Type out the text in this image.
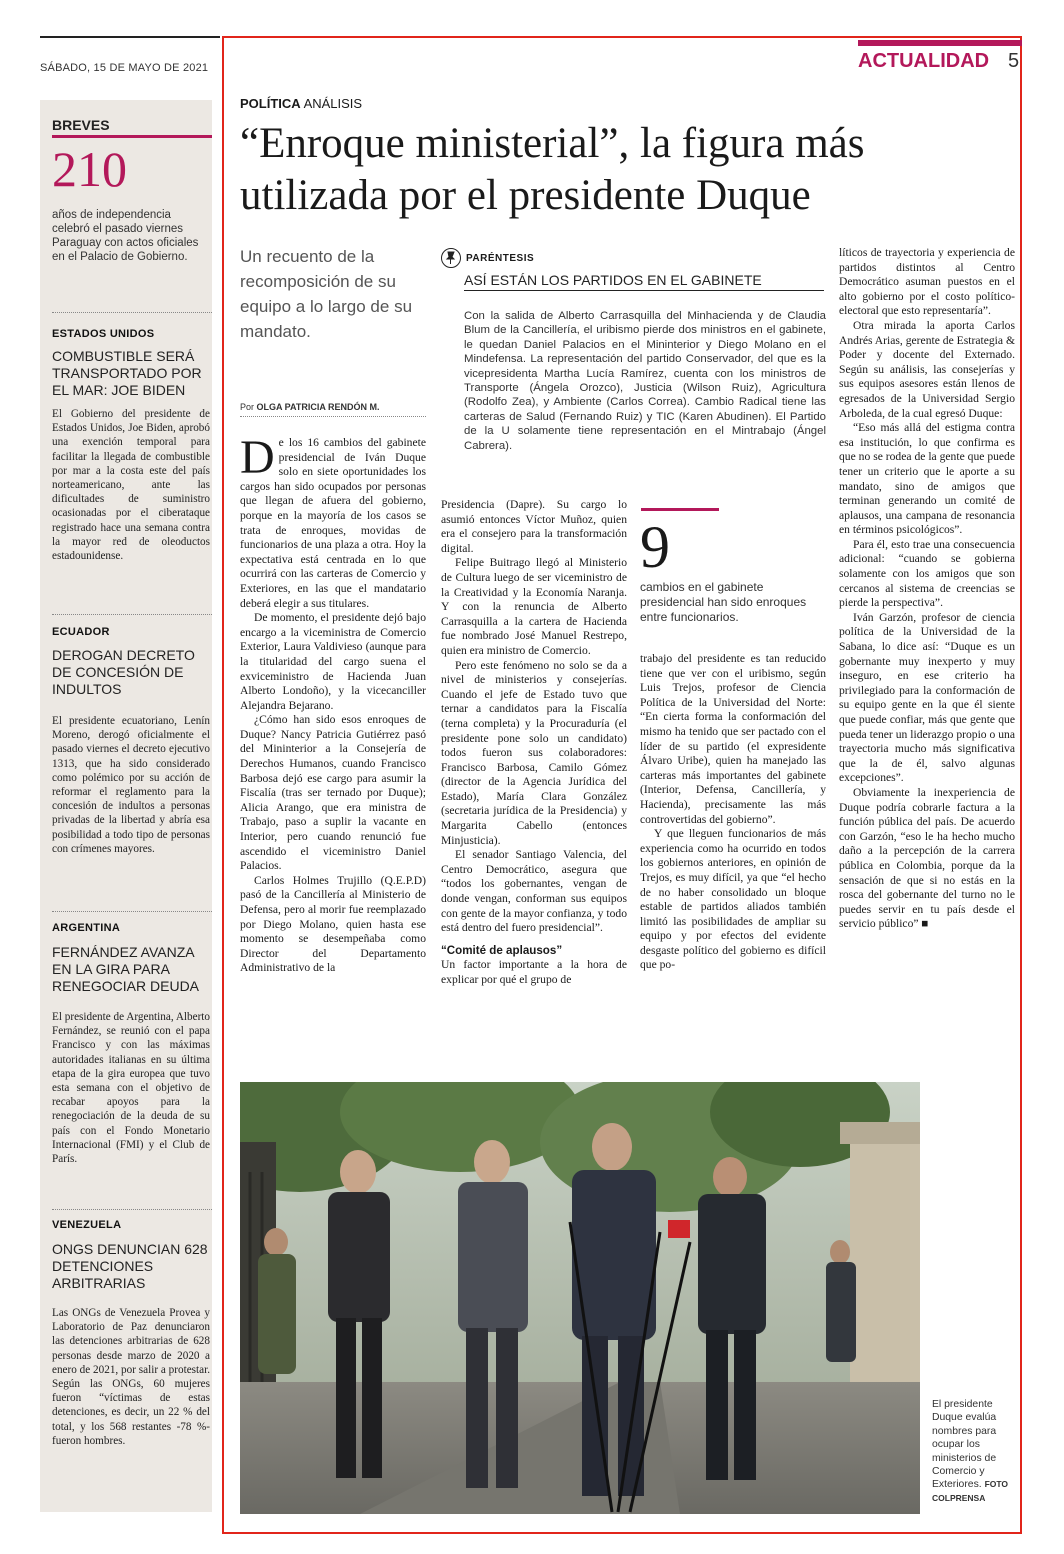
SÁBADO, 15 DE MAYO DE 2021	ACTUALIDAD 5
BREVES
210
años de independencia celebró el pasado viernes Paraguay con actos oficiales en el Palacio de Gobierno.
ESTADOS UNIDOS
COMBUSTIBLE SERÁ TRANSPORTADO POR EL MAR: JOE BIDEN
El Gobierno del presidente de Estados Unidos, Joe Biden, aprobó una exención temporal para facilitar la llegada de combustible por mar a la costa este del país norteamericano, ante las dificultades de suministro ocasionadas por el ciberataque registrado hace una semana contra la mayor red de oleoductos estadounidense.
ECUADOR
DEROGAN DECRETO DE CONCESIÓN DE INDULTOS
El presidente ecuatoriano, Lenín Moreno, derogó oficialmente el pasado viernes el decreto ejecutivo 1313, que ha sido considerado como polémico por su acción de reformar el reglamento para la concesión de indultos a personas privadas de la libertad y abría esa posibilidad a todo tipo de personas con crímenes mayores.
ARGENTINA
FERNÁNDEZ AVANZA EN LA GIRA PARA RENEGOCIAR DEUDA
El presidente de Argentina, Alberto Fernández, se reunió con el papa Francisco y con las máximas autoridades italianas en su última etapa de la gira europea que tuvo esta semana con el objetivo de recabar apoyos para la renegociación de la deuda de su país con el Fondo Monetario Internacional (FMI) y el Club de París.
VENEZUELA
ONGS DENUNCIAN 628 DETENCIONES ARBITRARIAS
Las ONGs de Venezuela Provea y Laboratorio de Paz denunciaron las detenciones arbitrarias de 628 personas desde marzo de 2020 a enero de 2021, por salir a protestar. Según las ONGs, 60 mujeres fueron “víctimas de estas detenciones, es decir, un 22 % del total, y los 568 restantes -78 %- fueron hombres.
POLÍTICA ANÁLISIS
“Enroque ministerial”, la figura más utilizada por el presidente Duque
Un recuento de la recomposición de su equipo a lo largo de su mandato.
Por OLGA PATRICIA RENDÓN M.
PARÉNTESIS
ASÍ ESTÁN LOS PARTIDOS EN EL GABINETE
Con la salida de Alberto Carrasquilla del Minhacienda y de Claudia Blum de la Cancillería, el uribismo pierde dos ministros en el gabinete, le quedan Daniel Palacios en el Mininterior y Diego Molano en el Mindefensa. La representación del partido Conservador, del que es la vicepresidenta Martha Lucía Ramírez, cuenta con los ministros de Transporte (Ángela Orozco), Justicia (Wilson Ruiz), Agricultura (Rodolfo Zea), y Ambiente (Carlos Correa). Cambio Radical tiene las carteras de Salud (Fernando Ruiz) y TIC (Karen Abudinen). El Partido de la U solamente tiene representación en el Mintrabajo (Ángel Cabrera).

De los 16 cambios del gabinete presidencial de Iván Duque solo en siete oportunidades los cargos han sido ocupados por personas que llegan de afuera del gobierno, porque en la mayoría de los casos se trata de enroques, movidas de funcionarios de una plaza a otra. Hoy la expectativa está centrada en lo que ocurrirá con las carteras de Comercio y Exteriores, en las que el mandatario deberá elegir a sus titulares.

De momento, el presidente dejó bajo encargo a la viceministra de Comercio Exterior, Laura Valdivieso (aunque para la titularidad del cargo suena el exviceministro de Hacienda Juan Alberto Londoño), y la vicecanciller Alejandra Bejarano.

¿Cómo han sido esos enroques de Duque? Nancy Patricia Gutiérrez pasó del Mininterior a la Consejería de Derechos Humanos, cuando Francisco Barbosa dejó ese cargo para asumir la Fiscalía (tras ser ternado por Duque); Alicia Arango, que era ministra de Trabajo, paso a suplir la vacante en Interior, pero cuando renunció fue ascendido el viceministro Daniel Palacios.

Carlos Holmes Trujillo (Q.E.P.D) pasó de la Cancillería al Ministerio de Defensa, pero al morir fue reemplazado por Diego Molano, quien hasta ese momento se desempeñaba como Director del Departamento Administrativo de la

Presidencia (Dapre). Su cargo lo asumió entonces Víctor Muñoz, quien era el consejero para la transformación digital.

Felipe Buitrago llegó al Ministerio de Cultura luego de ser viceministro de la Creatividad y la Economía Naranja. Y con la renuncia de Alberto Carrasquilla a la cartera de Hacienda fue nombrado José Manuel Restrepo, quien era ministro de Comercio.

Pero este fenómeno no solo se da a nivel de ministerios y consejerías. Cuando el jefe de Estado tuvo que ternar a candidatos para la Fiscalía (terna completa) y la Procuraduría (el presidente pone solo un candidato) todos fueron sus colaboradores: Francisco Barbosa, Camilo Gómez (director de la Agencia Jurídica del Estado), María Clara González (secretaria jurídica de la Presidencia) y Margarita Cabello (entonces Minjusticia).

El senador Santiago Valencia, del Centro Democrático, asegura que “todos los gobernantes, vengan de donde vengan, conforman sus equipos con gente de la mayor confianza, y todo está dentro del fuero presidencial”.

“Comité de aplausos”

Un factor importante a la hora de explicar por qué el grupo de

9
cambios en el gabinete presidencial han sido enroques entre funcionarios.

trabajo del presidente es tan reducido tiene que ver con el uribismo, según Luis Trejos, profesor de Ciencia Política de la Universidad del Norte: “En cierta forma la conformación del mismo ha tenido que ser pactado con el líder de su partido (el expresidente Álvaro Uribe), quien ha manejado las carteras más importantes del gabinete (Interior, Defensa, Cancillería, y Hacienda), precisamente las más controvertidas del gobierno”.

Y que lleguen funcionarios de más experiencia como ha ocurrido en todos los gobiernos anteriores, en opinión de Trejos, es muy difícil, ya que “el hecho de no haber consolidado un bloque estable de partidos aliados también limitó las posibilidades de ampliar su equipo y por efectos del evidente desgaste político del gobierno es difícil que po-

líticos de trayectoria y experiencia de partidos distintos al Centro Democrático asuman puestos en el alto gobierno por el costo político-electoral que esto representaría”.

Otra mirada la aporta Carlos Andrés Arias, gerente de Estrategia & Poder y docente del Externado. Según su análisis, las consejerías y sus equipos asesores están llenos de egresados de la Universidad Sergio Arboleda, de la cual egresó Duque:

“Eso más allá del estigma contra esa institución, lo que confirma es que no se rodea de la gente que puede tener un criterio que le aporte a su mandato, sino de amigos que terminan generando un comité de aplausos, una campana de resonancia en términos psicológicos”.

Para él, esto trae una consecuencia adicional: “cuando se gobierna solamente con los amigos que son cercanos al sistema de creencias se pierde la perspectiva”.

Iván Garzón, profesor de ciencia política de la Universidad de la Sabana, lo dice así: “Duque es un gobernante muy inexperto y muy inseguro, en ese criterio ha privilegiado para la conformación de su equipo gente en la que él siente que puede confiar, más que gente que pueda tener un liderazgo propio o una trayectoria mucho más significativa que la de él, salvo algunas excepciones”.

Obviamente la inexperiencia de Duque podría cobrarle factura a la función pública del país. De acuerdo con Garzón, “eso le ha hecho mucho daño a la percepción de la carrera pública en Colombia, porque da la sensación de que si no estás en la rosca del gobernante del turno no le puedes servir en tu país desde el servicio público” ■

El presidente Duque evalúa nombres para ocupar los ministerios de Comercio y Exteriores. FOTO COLPRENSA
